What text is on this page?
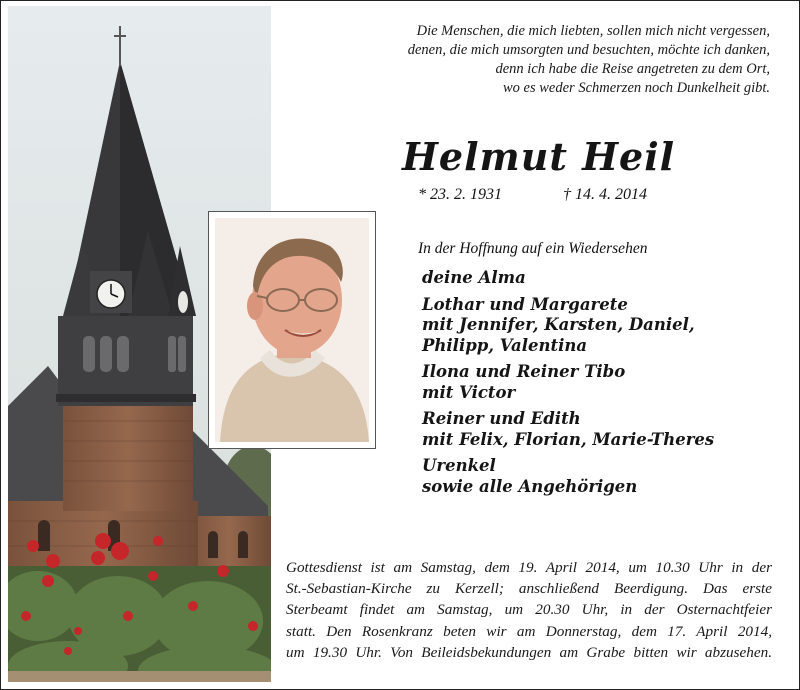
Die Menschen, die mich liebten, sollen mich nicht vergessen,
denen, die mich umsorgten und besuchten, möchte ich danken,
denn ich habe die Reise angetreten zu dem Ort,
wo es weder Schmerzen noch Dunkelheit gibt.
Helmut Heil
* 23. 2. 1931	† 14. 4. 2014
In der Hoffnung auf ein Wiedersehen
deine Alma
Lothar und Margarete
mit Jennifer, Karsten, Daniel,
Philipp, Valentina
Ilona und Reiner Tibo
mit Victor
Reiner und Edith
mit Felix, Florian, Marie-Theres
Urenkel
sowie alle Angehörigen
Gottesdienst ist am Samstag, dem 19. April 2014, um 10.30 Uhr in der
St.-Sebastian-Kirche zu Kerzell; anschließend Beerdigung. Das erste
Sterbeamt findet am Samstag, um 20.30 Uhr, in der Osternachtfeier
statt. Den Rosenkranz beten wir am Donnerstag, dem 17. April 2014,
um 19.30 Uhr. Von Beileidsbekundungen am Grabe bitten wir abzusehen.
